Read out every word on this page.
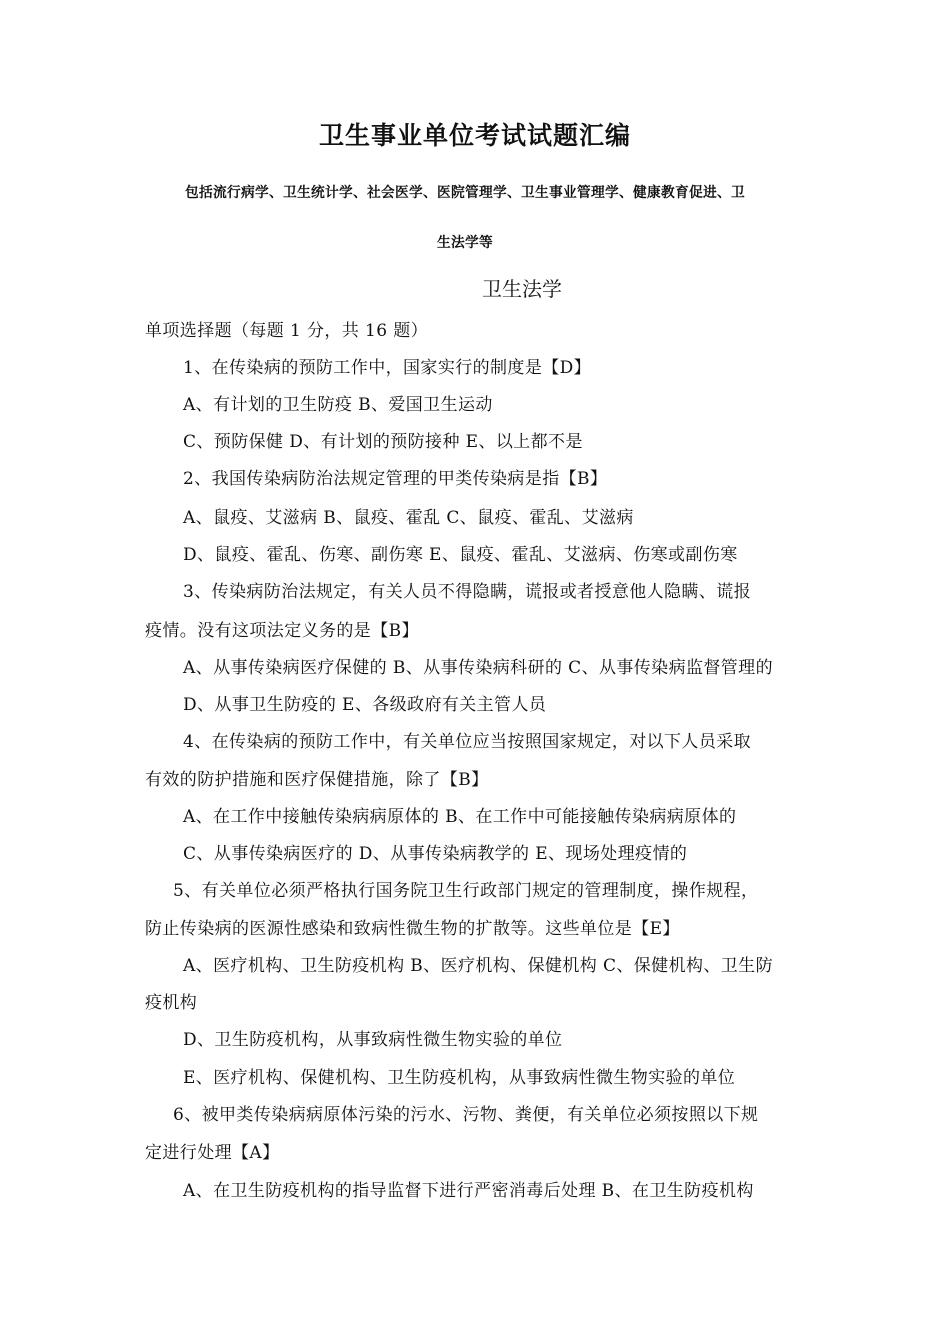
卫生事业单位考试试题汇编
包括流行病学、卫生统计学、社会医学、医院管理学、卫生事业管理学、健康教育促进、卫
生法学等
卫生法学
单项选择题（每题 1 分，共 16 题）
1、在传染病的预防工作中，国家实行的制度是【D】
A、有计划的卫生防疫 B、爱国卫生运动
C、预防保健 D、有计划的预防接种 E、以上都不是
2、我国传染病防治法规定管理的甲类传染病是指【B】
A、鼠疫、艾滋病 B、鼠疫、霍乱 C、鼠疫、霍乱、艾滋病
D、鼠疫、霍乱、伤寒、副伤寒 E、鼠疫、霍乱、艾滋病、伤寒或副伤寒
3、传染病防治法规定，有关人员不得隐瞒，谎报或者授意他人隐瞒、谎报
疫情。没有这项法定义务的是【B】
A、从事传染病医疗保健的 B、从事传染病科研的 C、从事传染病监督管理的
D、从事卫生防疫的 E、各级政府有关主管人员
4、在传染病的预防工作中，有关单位应当按照国家规定，对以下人员采取
有效的防护措施和医疗保健措施，除了【B】
A、在工作中接触传染病病原体的 B、在工作中可能接触传染病病原体的
C、从事传染病医疗的 D、从事传染病教学的 E、现场处理疫情的
5、有关单位必须严格执行国务院卫生行政部门规定的管理制度，操作规程，
防止传染病的医源性感染和致病性微生物的扩散等。这些单位是【E】
A、医疗机构、卫生防疫机构 B、医疗机构、保健机构 C、保健机构、卫生防
疫机构
D、卫生防疫机构，从事致病性微生物实验的单位
E、医疗机构、保健机构、卫生防疫机构，从事致病性微生物实验的单位
6、被甲类传染病病原体污染的污水、污物、粪便，有关单位必须按照以下规
定进行处理【A】
A、在卫生防疫机构的指导监督下进行严密消毒后处理 B、在卫生防疫机构
